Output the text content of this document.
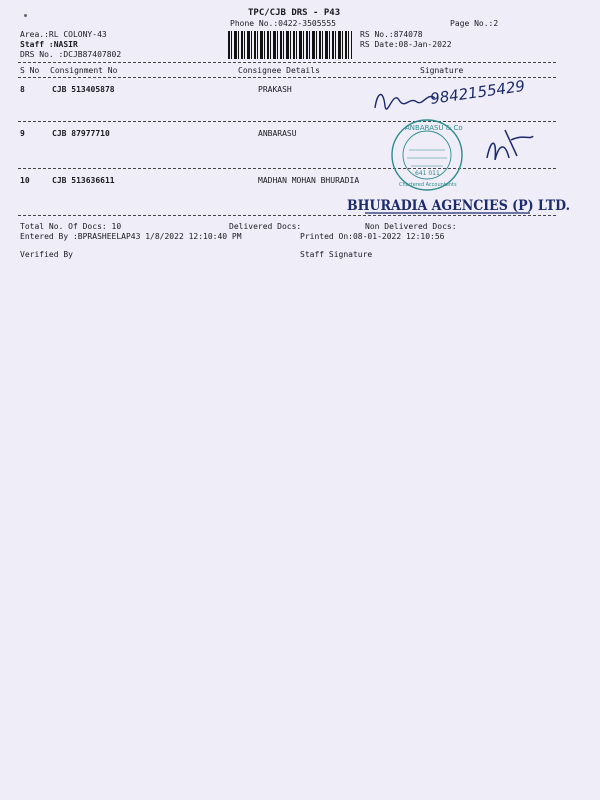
TPC/CJB DRS - P43
Phone No.:0422-3505555	Page No.:2
Area.:RL COLONY-43
Staff :NASIR
DRS No. :DCJB87407802
RS No.:874078
RS Date:08-Jan-2022
S No Consignment No	Consignee Details	Signature
8	CJB 513405878	PRAKASH
9	CJB 87977710	ANBARASU
10	CJB 513636611	MADHAN MOHAN BHURADIA
9842155429
ANBARASU & Co
Chartered Accountants
641 011
BHURADIA AGENCIES (P) LTD.
Total No. Of Docs: 10	Delivered Docs:	Non Delivered Docs:
Entered By :BPRASHEELAP43 1/8/2022 12:10:40 PM	Printed On:08-01-2022 12:10:56
Verified By	Staff Signature
